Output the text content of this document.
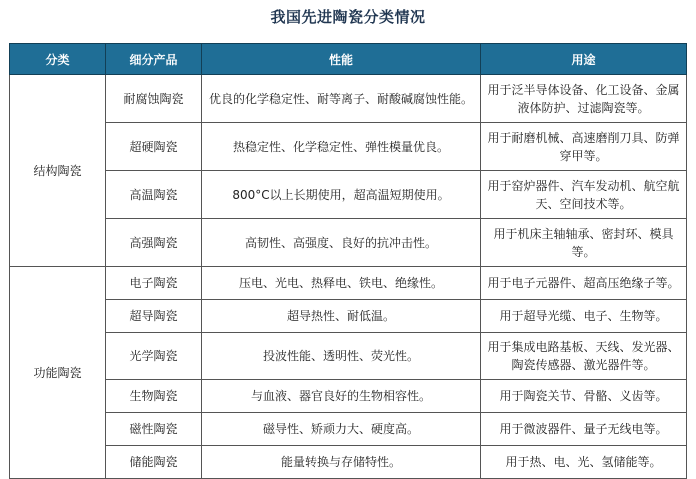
我国先进陶瓷分类情况
分类	细分产品	性能	用途
结构陶瓷	耐腐蚀陶瓷	优良的化学稳定性、耐等离子、耐酸碱腐蚀性能。	用于泛半导体设备、化工设备、金属液体防护、过滤陶瓷等。
	超硬陶瓷	热稳定性、化学稳定性、弹性模量优良。	用于耐磨机械、高速磨削刀具、防弹穿甲等。
	高温陶瓷	800°C以上长期使用，超高温短期使用。	用于窑炉器件、汽车发动机、航空航天、空间技术等。
	高强陶瓷	高韧性、高强度、良好的抗冲击性。	用于机床主轴轴承、密封环、模具等。
功能陶瓷	电子陶瓷	压电、光电、热释电、铁电、绝缘性。	用于电子元器件、超高压绝缘子等。
	超导陶瓷	超导热性、耐低温。	用于超导光缆、电子、生物等。
	光学陶瓷	投波性能、透明性、荧光性。	用于集成电路基板、天线、发光器、陶瓷传感器、激光器件等。
	生物陶瓷	与血液、器官良好的生物相容性。	用于陶瓷关节、骨骼、义齿等。
	磁性陶瓷	磁导性、矫顽力大、硬度高。	用于微波器件、量子无线电等。
	储能陶瓷	能量转换与存储特性。	用于热、电、光、氢储能等。
